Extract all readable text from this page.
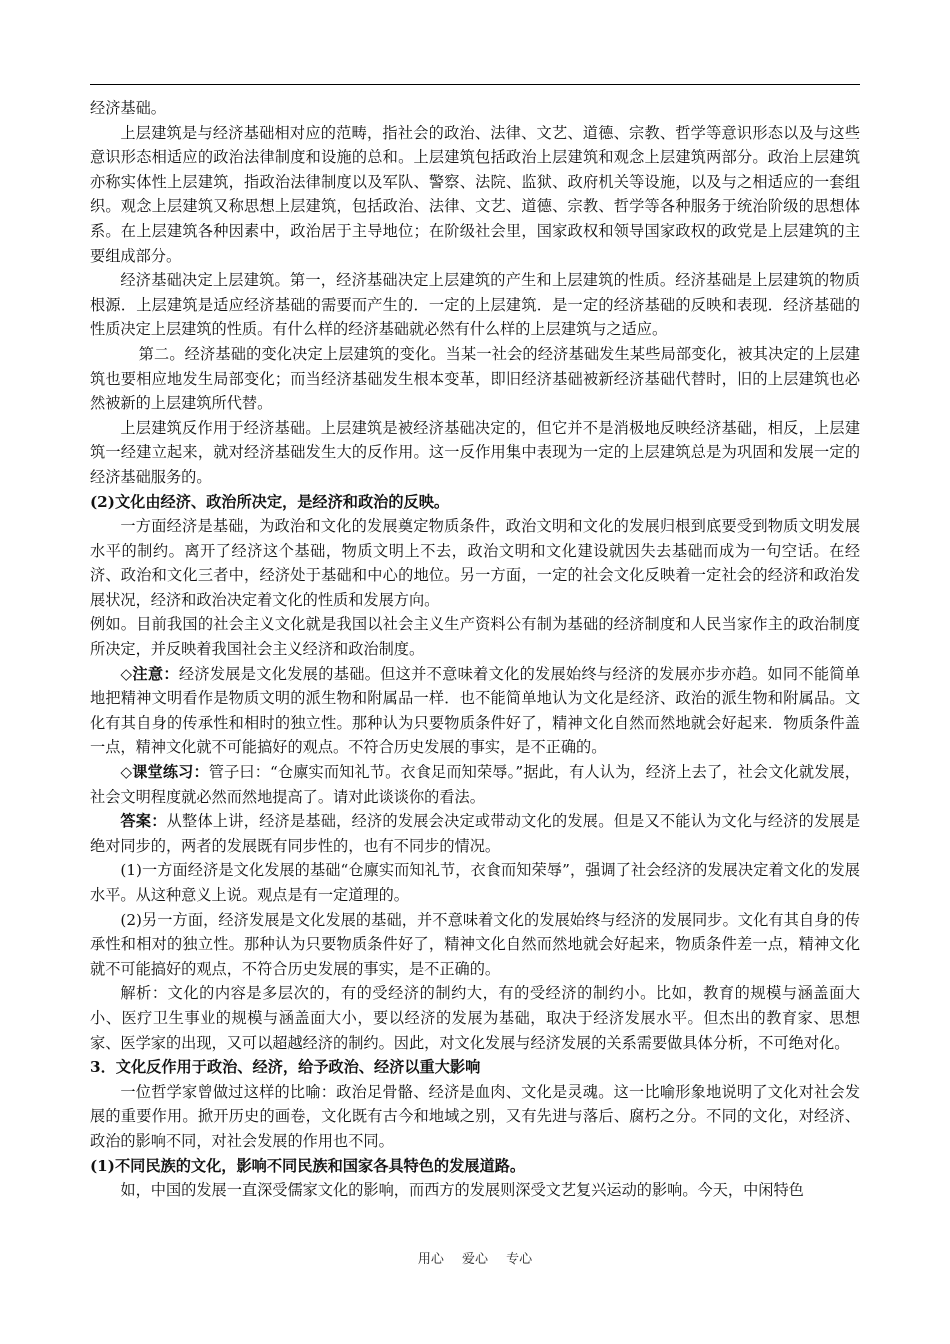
经济基础。

上层建筑是与经济基础相对应的范畴，指社会的政治、法律、文艺、道德、宗教、哲学等意识形态以及与这些意识形态相适应的政治法律制度和设施的总和。上层建筑包括政治上层建筑和观念上层建筑两部分。政治上层建筑亦称实体性上层建筑，指政治法律制度以及军队、警察、法院、监狱、政府机关等设施，以及与之相适应的一套组织。观念上层建筑又称思想上层建筑，包括政治、法律、文艺、道德、宗教、哲学等各种服务于统治阶级的思想体系。在上层建筑各种因素中，政治居于主导地位；在阶级社会里，国家政权和领导国家政权的政党是上层建筑的主要组成部分。

经济基础决定上层建筑。第一，经济基础决定上层建筑的产生和上层建筑的性质。经济基础是上层建筑的物质根源．上层建筑是适应经济基础的需要而产生的．一定的上层建筑．是一定的经济基础的反映和表现．经济基础的性质决定上层建筑的性质。有什么样的经济基础就必然有什么样的上层建筑与之适应。

第二。经济基础的变化决定上层建筑的变化。当某一社会的经济基础发生某些局部变化，被其决定的上层建筑也要相应地发生局部变化；而当经济基础发生根本变革，即旧经济基础被新经济基础代替时，旧的上层建筑也必然被新的上层建筑所代替。

上层建筑反作用于经济基础。上层建筑是被经济基础决定的，但它并不是消极地反映经济基础，相反，上层建筑一经建立起来，就对经济基础发生大的反作用。这一反作用集中表现为一定的上层建筑总是为巩固和发展一定的经济基础服务的。

(2)文化由经济、政治所决定，是经济和政治的反映。

一方面经济是基础，为政治和文化的发展奠定物质条件，政治文明和文化的发展归根到底要受到物质文明发展水平的制约。离开了经济这个基础，物质文明上不去，政治文明和文化建设就因失去基础而成为一句空话。在经济、政治和文化三者中，经济处于基础和中心的地位。另一方面，一定的社会文化反映着一定社会的经济和政治发展状况，经济和政治决定着文化的性质和发展方向。

例如。目前我国的社会主义文化就是我国以社会主义生产资料公有制为基础的经济制度和人民当家作主的政治制度所决定，并反映着我国社会主义经济和政治制度。

◇注意：经济发展是文化发展的基础。但这并不意味着文化的发展始终与经济的发展亦步亦趋。如同不能简单地把精神文明看作是物质文明的派生物和附属品一样．也不能简单地认为文化是经济、政治的派生物和附属品。文化有其自身的传承性和相时的独立性。那种认为只要物质条件好了，精神文化自然而然地就会好起来．物质条件盖一点，精神文化就不可能搞好的观点。不符合历史发展的事实，是不正确的。

◇课堂练习：管子曰：“仓廪实而知礼节。衣食足而知荣辱。”据此，有人认为，经济上去了，社会文化就发展，社会文明程度就必然而然地提高了。请对此谈谈你的看法。

答案：从整体上讲，经济是基础，经济的发展会决定或带动文化的发展。但是又不能认为文化与经济的发展是绝对同步的，两者的发展既有同步性的，也有不同步的情况。

(1)一方面经济是文化发展的基础“仓廪实而知礼节，衣食而知荣辱”，强调了社会经济的发展决定着文化的发展水平。从这种意义上说。观点是有一定道理的。

(2)另一方面，经济发展是文化发展的基础，并不意味着文化的发展始终与经济的发展同步。文化有其自身的传承性和相对的独立性。那种认为只要物质条件好了，精神文化自然而然地就会好起来，物质条件差一点，精神文化就不可能搞好的观点，不符合历史发展的事实，是不正确的。

解析：文化的内容是多层次的，有的受经济的制约大，有的受经济的制约小。比如，教育的规模与涵盖面大小、医疗卫生事业的规模与涵盖面大小，要以经济的发展为基础，取决于经济发展水平。但杰出的教育家、思想家、医学家的出现，又可以超越经济的制约。因此，对文化发展与经济发展的关系需要做具体分析，不可绝对化。

3．文化反作用于政治、经济，给予政治、经济以重大影响

一位哲学家曾做过这样的比喻：政治足骨骼、经济是血肉、文化是灵魂。这一比喻形象地说明了文化对社会发展的重要作用。掀开历史的画卷，文化既有古今和地域之别，又有先进与落后、腐朽之分。不同的文化，对经济、政治的影响不同，对社会发展的作用也不同。

(1)不同民族的文化，影响不同民族和国家各具特色的发展道路。

如，中国的发展一直深受儒家文化的影响，而西方的发展则深受文艺复兴运动的影响。今天，中闲特色

用心 爱心 专心
